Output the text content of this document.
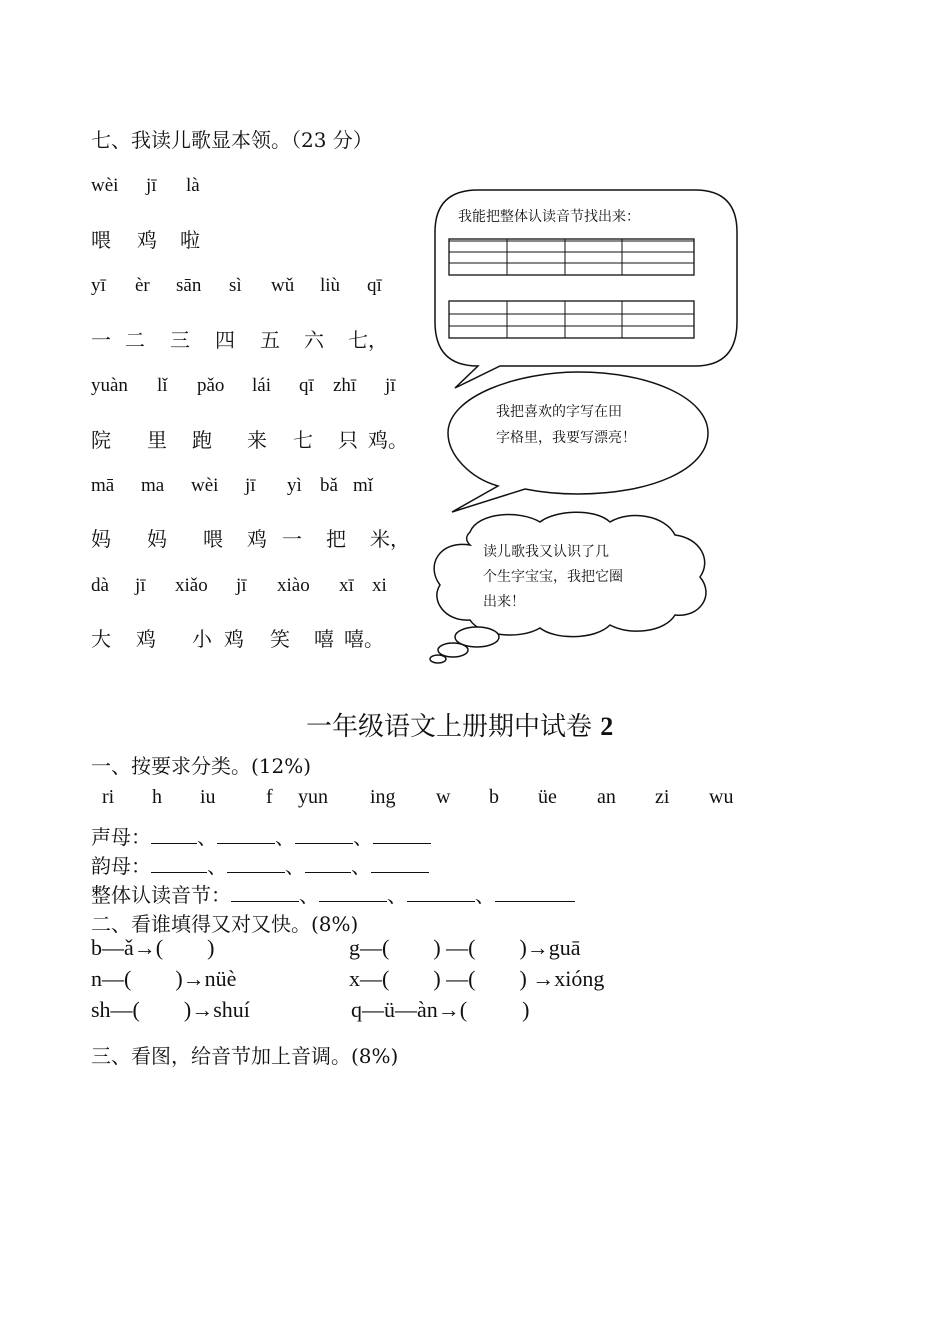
七、我读儿歌显本领。（23 分）
wèi jī là
喂 鸡 啦
yī èr sān sì wǔ liù qī
一 二 三 四 五 六 七，
yuàn lǐ pǎo lái qī zhī jī
院 里 跑 来 七 只 鸡。
mā ma wèi jī yì bǎ mǐ
妈 妈 喂 鸡 一 把 米，
dà jī xiǎo jī xiào xī xi
大 鸡 小 鸡 笑 嘻 嘻。
我能把整体认读音节找出来：
我把喜欢的字写在田
字格里，我要写漂亮！
读儿歌我又认识了几
个生字宝宝，我把它圈
出来！
一年级语文上册期中试卷 2
一、按要求分类。(12%)
ri h iu	f yun ing w b üe an zi wu
声母： 、	、	、
韵母：	、	、 、
整体认读音节：	、	、	、
二、看谁填得又对又快。(8%)
b—ǎ→(        )	g—(        ) —(        )→guā
n—(        )→nüè	x—(        ) —(        ) →xióng
sh—(        )→shuí	q—ü—àn→(          )
三、看图，给音节加上音调。(8%)
